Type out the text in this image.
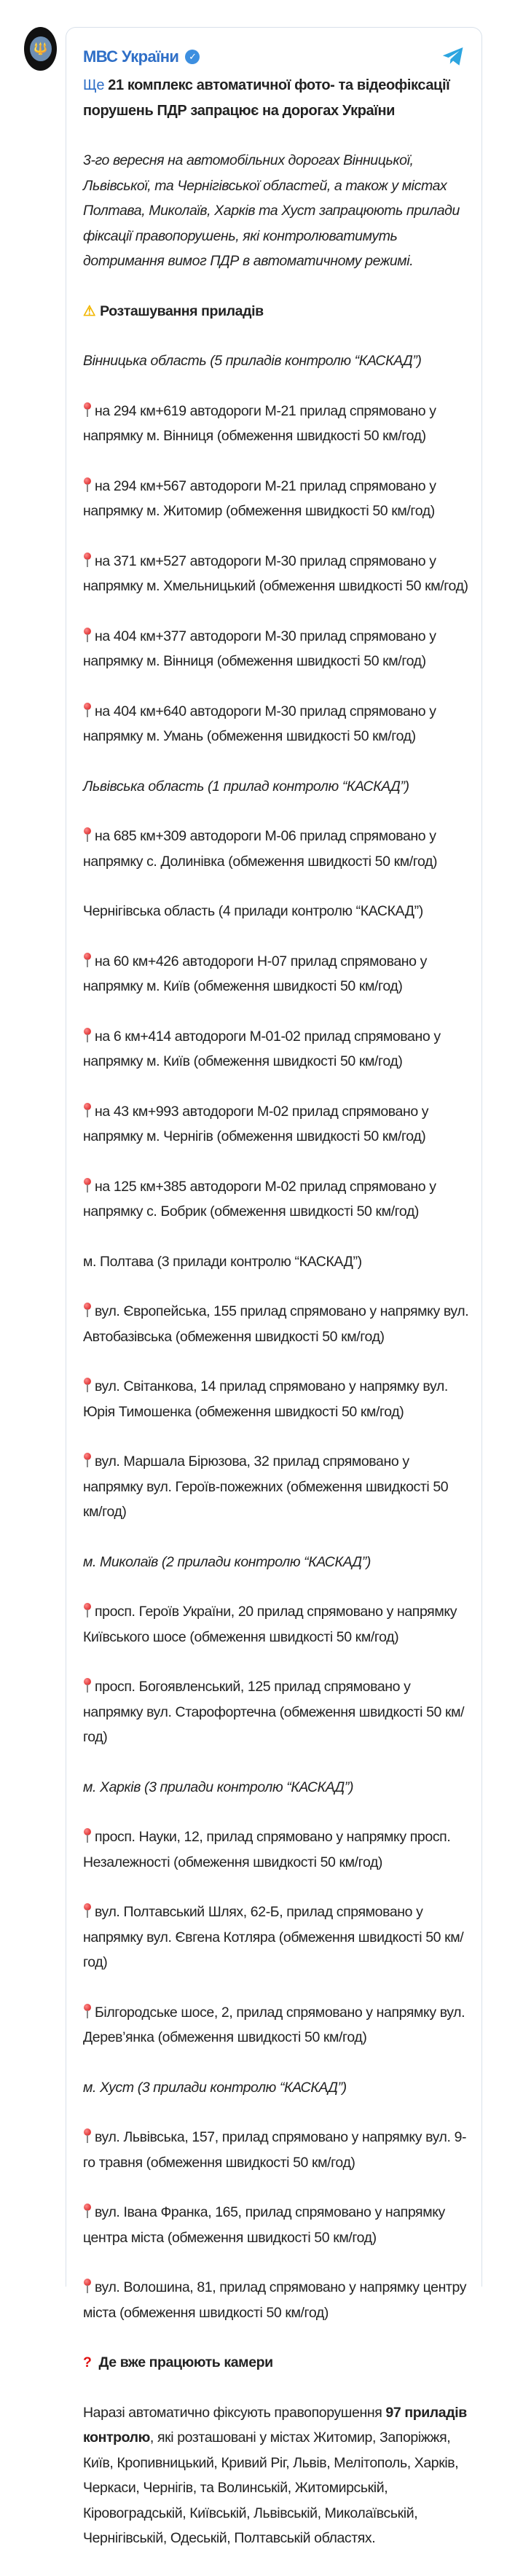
🔱 МВС України	✓

Ще 21 комплекс автоматичної фото- та відеофіксації порушень ПДР запрацює на дорогах України

3-го вересня на автомобільних дорогах Вінницької, Львівської, та Чернігівської областей, а також у містах Полтава, Миколаїв, Харків та Хуст запрацюють прилади фіксації правопорушень, які контролюватимуть дотримання вимог ПДР в автоматичному режимі.

⚠ Розташування приладів

Вінницька область (5 приладів контролю “КАСКАД”)

на 294 км+619 автодороги М-21 прилад спрямовано у напрямку м. Вінниця (обмеження швидкості 50 км/год)

на 294 км+567 автодороги М-21 прилад спрямовано у напрямку м. Житомир (обмеження швидкості 50 км/год)

на 371 км+527 автодороги М-30 прилад спрямовано у напрямку м. Хмельницький (обмеження швидкості 50 км/год)

на 404 км+377 автодороги М-30 прилад спрямовано у напрямку м. Вінниця (обмеження швидкості 50 км/год)

на 404 км+640 автодороги М-30 прилад спрямовано у напрямку м. Умань (обмеження швидкості 50 км/год)

Львівська область (1 прилад контролю “КАСКАД”)

на 685 км+309 автодороги М-06 прилад спрямовано у напрямку с. Долинівка (обмеження швидкості 50 км/год)

Чернігівська область (4 прилади контролю “КАСКАД”)

на 60 км+426 автодороги Н-07 прилад спрямовано у напрямку м. Київ (обмеження швидкості 50 км/год)

на 6 км+414 автодороги М-01-02 прилад спрямовано у напрямку м. Київ (обмеження швидкості 50 км/год)

на 43 км+993 автодороги М-02 прилад спрямовано у напрямку м. Чернігів (обмеження швидкості 50 км/год)

на 125 км+385 автодороги М-02 прилад спрямовано у напрямку с. Бобрик (обмеження швидкості 50 км/год)

м. Полтава (3 прилади контролю “КАСКАД”)

вул. Європейська, 155 прилад спрямовано у напрямку вул. Автобазівська (обмеження швидкості 50 км/год)

вул. Світанкова, 14 прилад спрямовано у напрямку вул. Юрія Тимошенка (обмеження швидкості 50 км/год)

вул. Маршала Бірюзова, 32 прилад спрямовано у напрямку вул. Героїв-пожежних (обмеження швидкості 50 км/год)

м. Миколаїв (2 прилади контролю “КАСКАД”)

просп. Героїв України, 20 прилад спрямовано у напрямку Київського шосе (обмеження швидкості 50 км/год)

просп. Богоявленський, 125 прилад спрямовано у напрямку вул. Старофортечна (обмеження швидкості 50 км/год)

м. Харків (3 прилади контролю “КАСКАД”)

просп. Науки, 12, прилад спрямовано у напрямку просп. Незалежності (обмеження швидкості 50 км/год)

вул. Полтавський Шлях, 62-Б, прилад спрямовано у напрямку вул. Євгена Котляра (обмеження швидкості 50 км/год)

Білгородське шосе, 2, прилад спрямовано у напрямку вул. Дерев’янка (обмеження швидкості 50 км/год)

м. Хуст (3 прилади контролю “КАСКАД”)

вул. Львівська, 157, прилад спрямовано у напрямку вул. 9-го травня (обмеження швидкості 50 км/год)

вул. Івана Франка, 165, прилад спрямовано у напрямку центра міста (обмеження швидкості 50 км/год)

вул. Волошина, 81, прилад спрямовано у напрямку центру міста (обмеження швидкості 50 км/год)

? Де вже працюють камери

Наразі автоматично фіксують правопорушення 97 приладів контролю, які розташовані у містах Житомир, Запоріжжя, Київ, Кропивницький, Кривий Ріг, Львів, Мелітополь, Харків, Черкаси, Чернігів, та Волинській, Житомирській, Кіровоградській, Київській, Львівській, Миколаївській, Чернігівській, Одеській, Полтавській областях.
